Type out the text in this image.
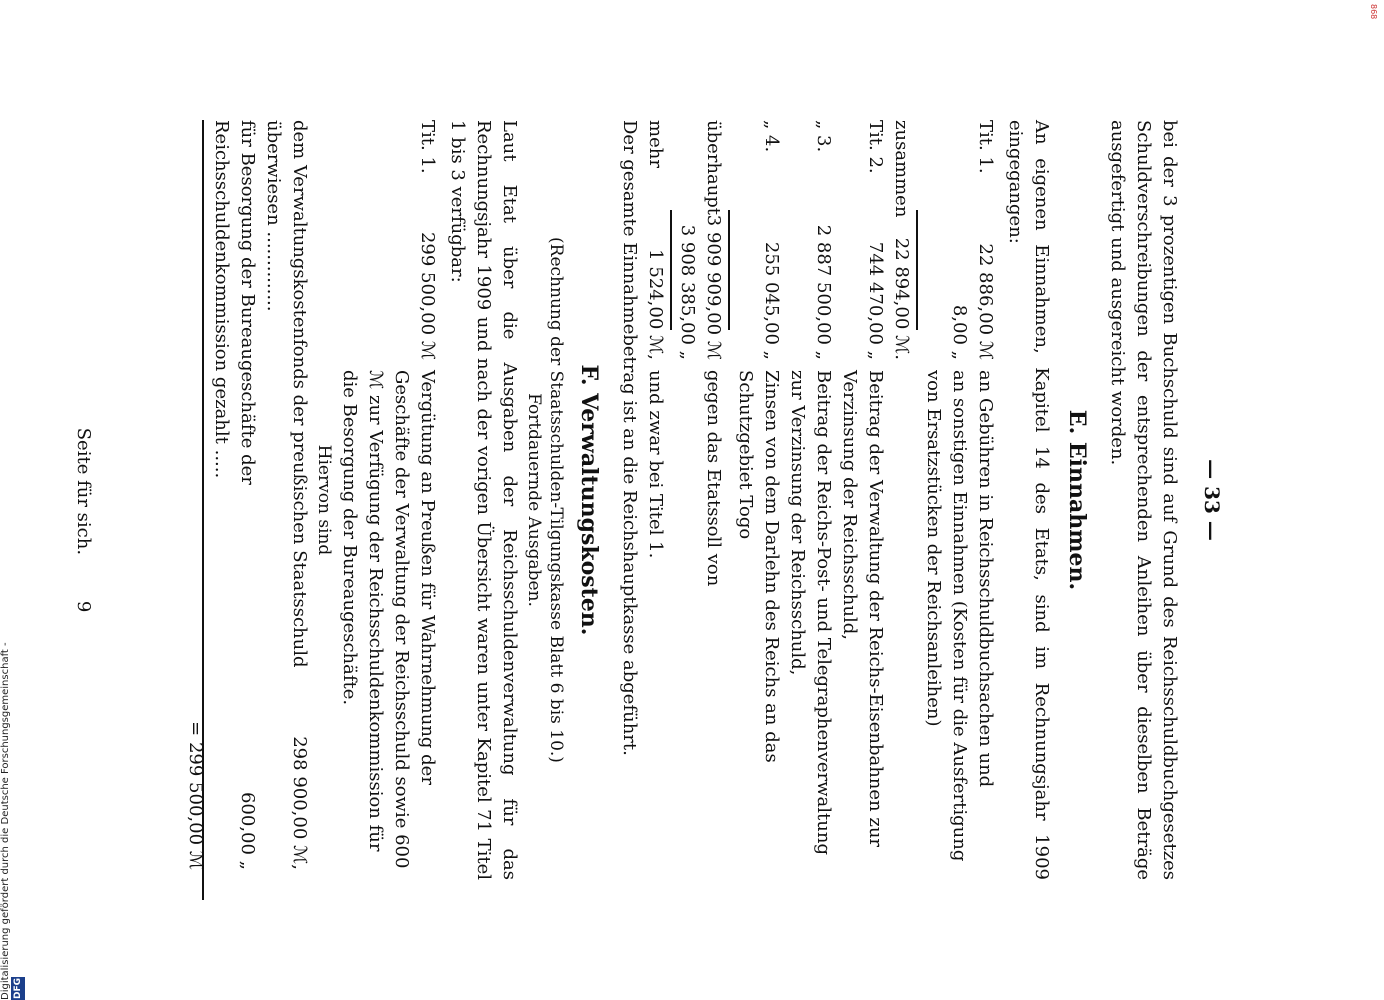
— 33 —

bei der 3 prozentigen Buchschuld sind auf Grund des Reichsschuldbuchgesetzes Schuldverschreibungen der entsprechenden Anleihen über dieselben Beträge ausgefertigt und ausgereicht worden.

E. Einnahmen.

An eigenen Einnahmen, Kapitel 14 des Etats, sind im Rechnungsjahr 1909 eingegangen:

Tit. 1.
22 886,00 ℳ
an Gebühren in Reichsschuldbuchsachen und
8,00 „
an sonstigen Einnahmen (Kosten für die Ausfertigung von Ersatzstücken der Reichsanleihen)
zusammen
22 894,00 ℳ.
Tit. 2.
744 470,00 „
Beitrag der Verwaltung der Reichs-Eisenbahnen zur Verzinsung der Reichsschuld,
„ 3.
2 887 500,00 „
Beitrag der Reichs-Post- und Telegraphenverwaltung zur Verzinsung der Reichsschuld,
„ 4.
255 045,00 „
Zinsen von dem Darlehn des Reichs an das Schutzgebiet Togo
überhaupt
3 909 909,00 ℳ
gegen das Etatssoll von
3 908 385,00 „
mehr
1 524,00 ℳ,
und zwar bei Titel 1.

Der gesamte Einnahmebetrag ist an die Reichshauptkasse abgeführt.

F. Verwaltungskosten.
(Rechnung der Staatsschulden-Tilgungskasse Blatt 6 bis 10.)
Fortdauernde Ausgaben.

Laut Etat über die Ausgaben der Reichsschuldenverwaltung für das Rechnungsjahr 1909 und nach der vorigen Übersicht waren unter Kapitel 71 Titel 1 bis 3 verfügbar:

Tit. 1.
299 500,00 ℳ
Vergütung an Preußen für Wahrnehmung der Geschäfte der Verwaltung der Reichsschuld sowie 600 ℳ zur Verfügung der Reichsschuldenkommission für die Besorgung der Bureaugeschäfte.
Hiervon sind
dem Verwaltungskostenfonds der preußischen Staatsschuld überwiesen ..............
298 900,00 ℳ,
für Besorgung der Bureaugeschäfte der Reichsschuldenkommission gezahlt .....
600,00 „
= 299 500,00 ℳ
Seite für sich.        9
Digitalisierung gefördert durch die Deutsche Forschungsgemeinschaft - DFG
868
